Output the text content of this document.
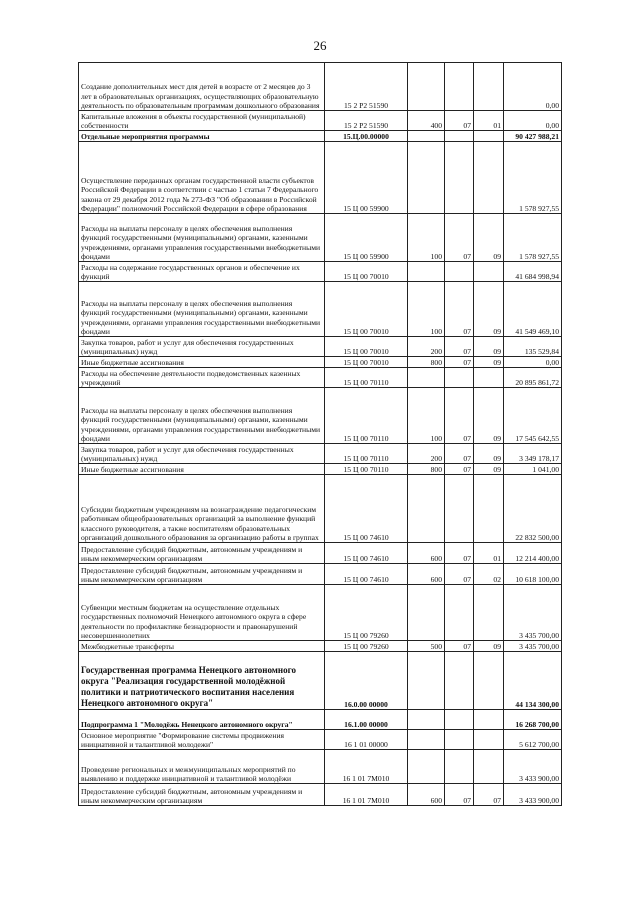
26
Создание дополнительных мест для детей в возрасте от 2 месяцев до 3 лет в образовательных организациях, осуществляющих образовательную деятельность по образовательным программам дошкольного образования	15 2 Р2 51590				0,00
Капитальные вложения в объекты государственной (муниципальной) собственности	15 2 Р2 51590	400	07	01	0,00
Отдельные мероприятия программы	15.Ц.00.00000				90 427 988,21
Осуществление переданных органам государственной власти субъектов Российской Федерации в соответствии с частью 1 статьи 7 Федерального закона от 29 декабря 2012 года № 273-ФЗ "Об образовании в Российской Федерации" полномочий Российской Федерации в сфере образования	15 Ц 00 59900				1 578 927,55
Расходы на выплаты персоналу в целях обеспечения выполнения функций государственными (муниципальными) органами, казенными учреждениями, органами управления государственными внебюджетными фондами	15 Ц 00 59900	100	07	09	1 578 927,55
Расходы на содержание государственных органов и обеспечение их функций	15 Ц 00 70010				41 684 998,94
Расходы на выплаты персоналу в целях обеспечения выполнения функций государственными (муниципальными) органами, казенными учреждениями, органами управления государственными внебюджетными фондами	15 Ц 00 70010	100	07	09	41 549 469,10
Закупка товаров, работ и услуг для обеспечения государственных (муниципальных) нужд	15 Ц 00 70010	200	07	09	135 529,84
Иные бюджетные ассигнования	15 Ц 00 70010	800	07	09	0,00
Расходы на обеспечение деятельности подведомственных казенных учреждений	15 Ц 00 70110				20 895 861,72
Расходы на выплаты персоналу в целях обеспечения выполнения функций государственными (муниципальными) органами, казенными учреждениями, органами управления государственными внебюджетными фондами	15 Ц 00 70110	100	07	09	17 545 642,55
Закупка товаров, работ и услуг для обеспечения государственных (муниципальных) нужд	15 Ц 00 70110	200	07	09	3 349 178,17
Иные бюджетные ассигнования	15 Ц 00 70110	800	07	09	1 041,00
Субсидии бюджетным учреждениям на вознаграждение педагогическим работникам общеобразовательных организаций за выполнение функций классного руководителя, а также воспитателям образовательных организаций дошкольного образования за организацию работы в группах	15 Ц 00 74610				22 832 500,00
Предоставление субсидий бюджетным, автономным учреждениям и иным некоммерческим организациям	15 Ц 00 74610	600	07	01	12 214 400,00
Предоставление субсидий бюджетным, автономным учреждениям и иным некоммерческим организациям	15 Ц 00 74610	600	07	02	10 618 100,00
Субвенции местным бюджетам на осуществление отдельных государственных полномочий Ненецкого автономного округа в сфере деятельности по профилактике безнадзорности и правонарушений несовершеннолетних	15 Ц 00 79260				3 435 700,00
Межбюджетные трансферты	15 Ц 00 79260	500	07	09	3 435 700,00
Государственная программа Ненецкого автономного округа "Реализация государственной молодёжной политики и патриотического воспитания населения Ненецкого автономного округа"	16.0.00 00000				44 134 300,00
Подпрограмма 1 "Молодёжь Ненецкого автономного округа"	16.1.00 00000				16 268 700,00
Основное мероприятие "Формирование системы продвижения инициативной и талантливой молодежи"	16 1 01 00000				5 612 700,00
Проведение региональных и межмуниципальных мероприятий по выявлению и поддержке инициативной и талантливой молодёжи	16 1 01 7М010				3 433 900,00
Предоставление субсидий бюджетным, автономным учреждениям и иным некоммерческим организациям	16 1 01 7М010	600	07	07	3 433 900,00
